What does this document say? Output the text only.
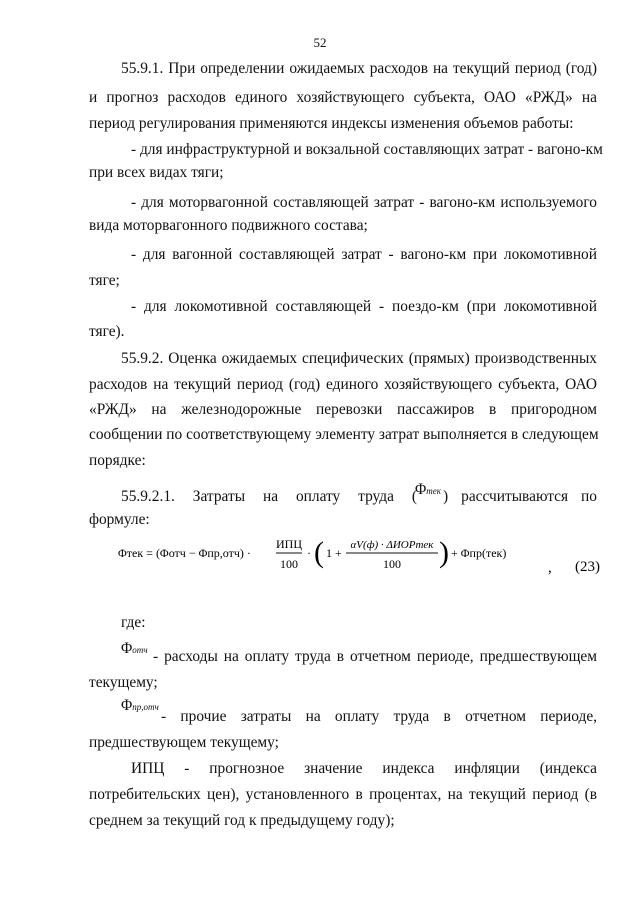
52
55.9.1. При определении ожидаемых расходов на текущий период (год)
и прогноз расходов единого хозяйствующего субъекта, ОАО «РЖД» на
период регулирования применяются индексы изменения объемов работы:
- для инфраструктурной и вокзальной составляющих затрат - вагоно-км
при всех видах тяги;
- для моторвагонной составляющей затрат - вагоно-км используемого
вида моторвагонного подвижного состава;
- для вагонной составляющей затрат - вагоно-км при локомотивной
тяге;
- для локомотивной составляющей - поездо-км (при локомотивной
тяге).
55.9.2. Оценка ожидаемых специфических (прямых) производственных
расходов на текущий период (год) единого хозяйствующего субъекта, ОАО
«РЖД» на железнодорожные перевозки пассажиров в пригородном
сообщении по соответствующему элементу затрат выполняется в следующем
порядке:
55.9.2.1. Затраты на оплату труда (
Φтек ) рассчитываются по
формуле:
Φтек = (Φотч − Φпр,отч) ·
ИПЦ
100
· ( 1 +
αV(ф) · ΔИОРтек
100 ) + Φпр(тек)
, (23)
где:
Φотч - расходы на оплату труда в отчетном периоде, предшествующем
текущему;
Φпр,отч
- прочие затраты на оплату труда в отчетном периоде,
предшествующем текущему;
ИПЦ - прогнозное значение индекса инфляции (индекса
потребительских цен), установленного в процентах, на текущий период (в
среднем за текущий год к предыдущему году);
